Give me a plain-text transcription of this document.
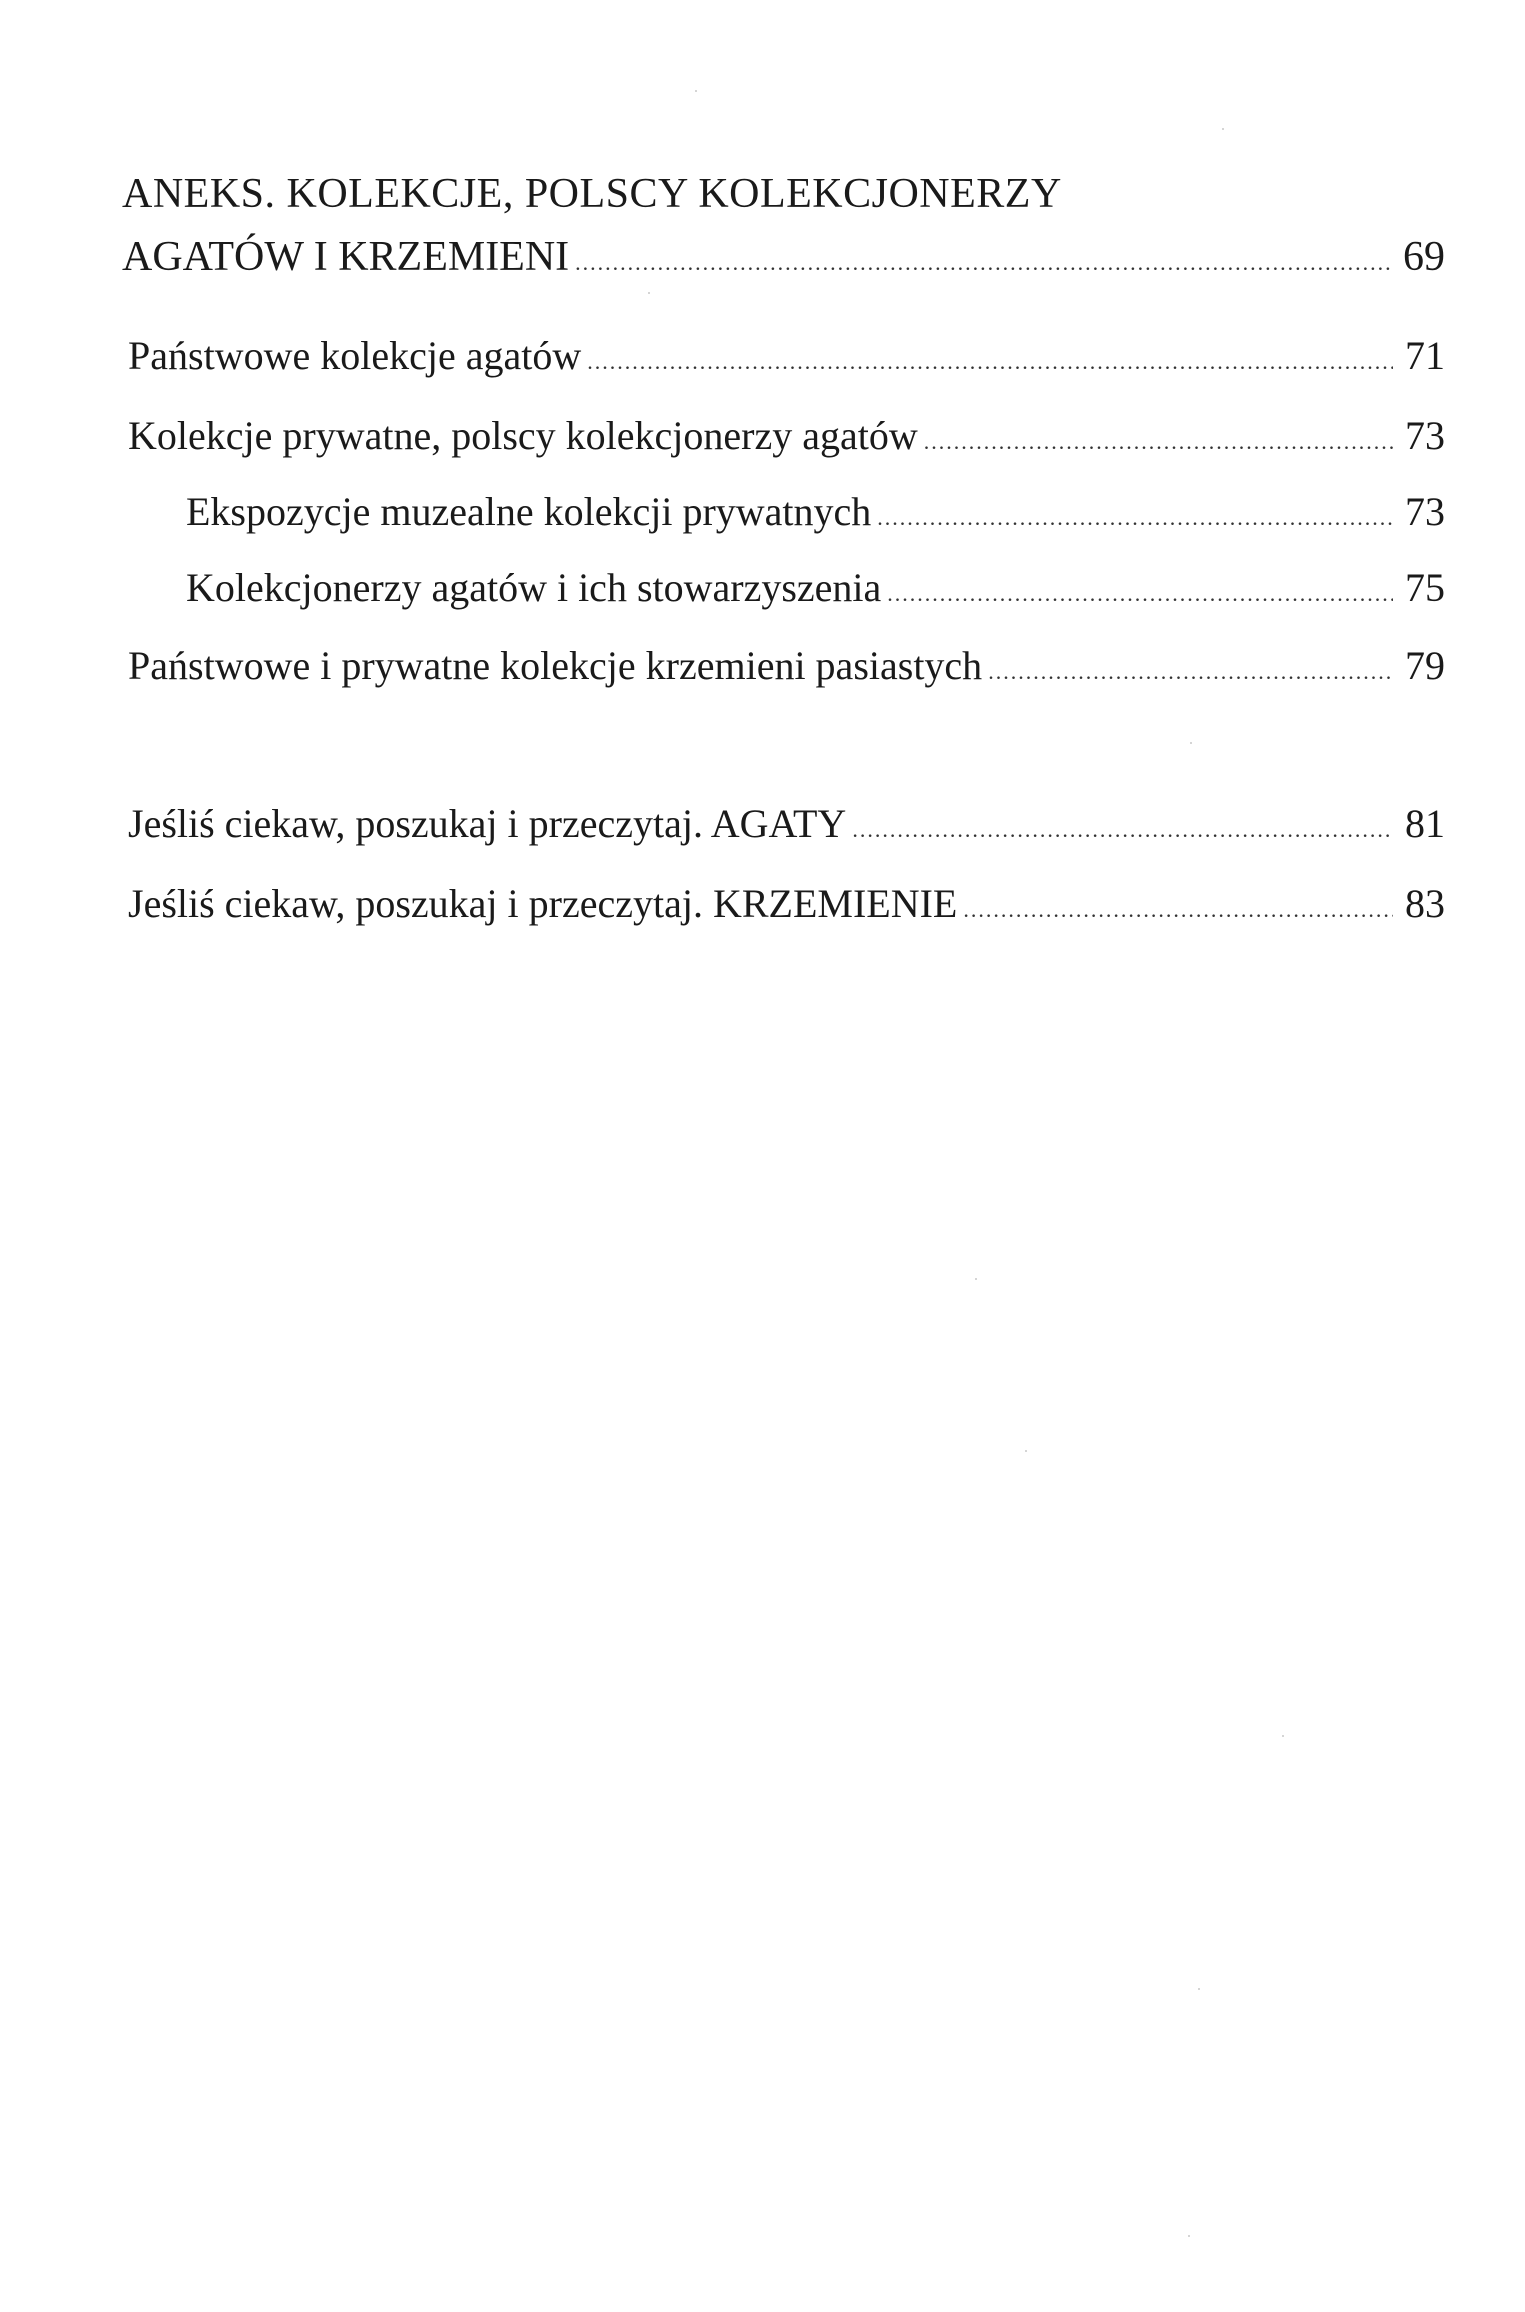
ANEKS. KOLEKCJE, POLSCY KOLEKCJONERZY
AGATÓW I KRZEMIENI .....	69
Państwowe kolekcje agatów .....	71
Kolekcje prywatne, polscy kolekcjonerzy agatów .....	73
Ekspozycje muzealne kolekcji prywatnych .....	73
Kolekcjonerzy agatów i ich stowarzyszenia .....	75
Państwowe i prywatne kolekcje krzemieni pasiastych .....	79
Jeśliś ciekaw, poszukaj i przeczytaj. AGATY .....	81
Jeśliś ciekaw, poszukaj i przeczytaj. KRZEMIENIE .....	83
